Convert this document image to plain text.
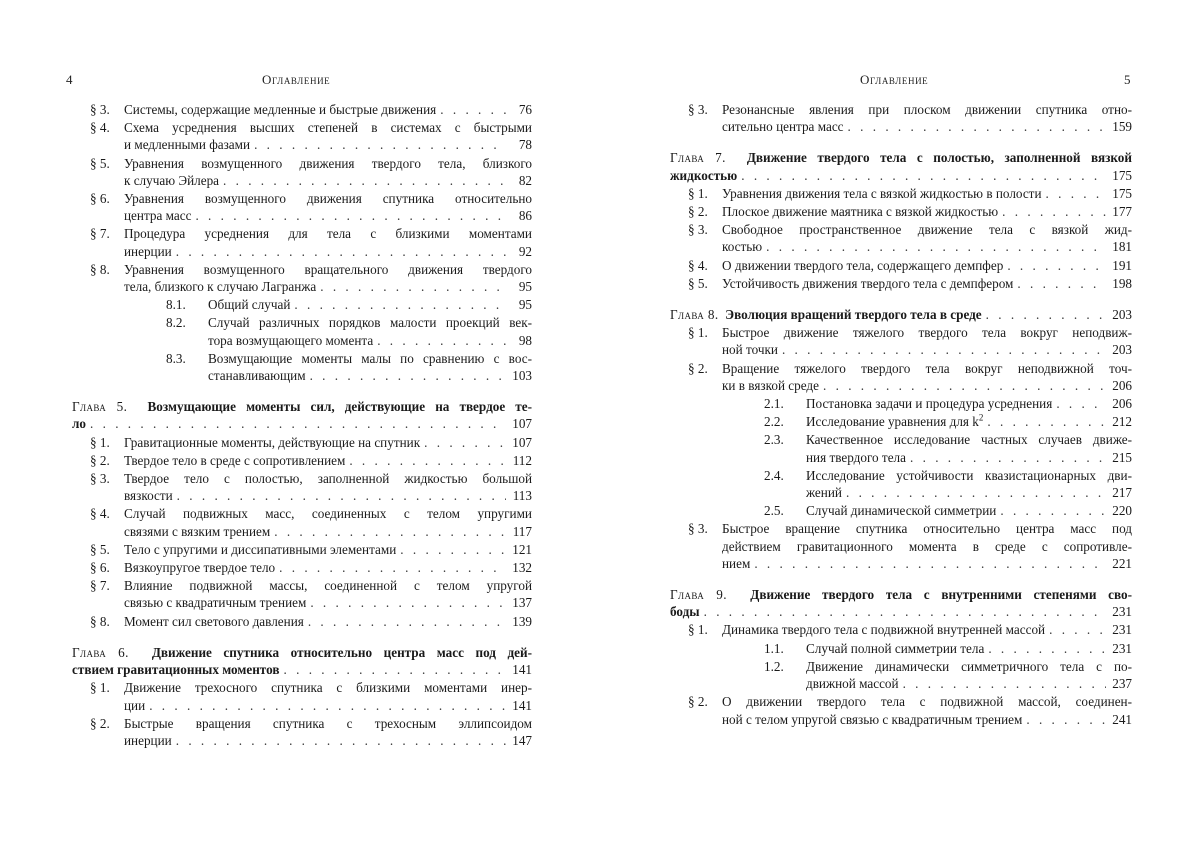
4	Оглавление
§ 3.	Системы, содержащие медленные и быстрые движения . . .	76
§ 4.	Схема усреднения высших степеней в системах с быстрыми
и медленными фазами . . .	78
§ 5.	Уравнения возмущенного движения твердого тела, близкого
к случаю Эйлера . . .	82
§ 6.	Уравнения возмущенного движения спутника относительно
центра масс . . .	86
§ 7.	Процедура усреднения для тела с близкими моментами
инерции . . .	92
§ 8.	Уравнения возмущенного вращательного движения твердого
тела, близкого к случаю Лагранжа . . .	95
8.1.	Общий случай . . .	95
8.2.	Случай различных порядков малости проекций век-
тора возмущающего момента . . .	98
8.3.	Возмущающие моменты малы по сравнению с вос-
станавливающим . . .	103
Глава 5. Возмущающие моменты сил, действующие на твердое те-
ло . . .	107
§ 1.	Гравитационные моменты, действующие на спутник . . .	107
§ 2.	Твердое тело в среде с сопротивлением . . .	112
§ 3.	Твердое тело с полостью, заполненной жидкостью большой
вязкости . . .	113
§ 4.	Случай подвижных масс, соединенных с телом упругими
связями с вязким трением . . .	117
§ 5.	Тело с упругими и диссипативными элементами . . .	121
§ 6.	Вязкоупругое твердое тело . . .	132
§ 7.	Влияние подвижной массы, соединенной с телом упругой
связью с квадратичным трением . . .	137
§ 8.	Момент сил светового давления . . .	139
Глава 6. Движение спутника относительно центра масс под дей-
ствием гравитационных моментов . . .	141
§ 1.	Движение трехосного спутника с близкими моментами инер-
ции . . .	141
§ 2.	Быстрые вращения спутника с трехосным эллипсоидом
инерции . . .	147
Оглавление	5
§ 3.	Резонансные явления при плоском движении спутника отно-
сительно центра масс . . .	159
Глава 7. Движение твердого тела с полостью, заполненной вязкой
жидкостью . . .	175
§ 1.	Уравнения движения тела с вязкой жидкостью в полости . . .	175
§ 2.	Плоское движение маятника с вязкой жидкостью . . .	177
§ 3.	Свободное пространственное движение тела с вязкой жид-
костью . . .	181
§ 4.	О движении твердого тела, содержащего демпфер . . .	191
§ 5.	Устойчивость движения твердого тела с демпфером . . .	198
Глава 8. Эволюция вращений твердого тела в среде . . .	203
§ 1.	Быстрое движение тяжелого твердого тела вокруг неподвиж-
ной точки . . .	203
§ 2.	Вращение тяжелого твердого тела вокруг неподвижной точ-
ки в вязкой среде . . .	206
2.1.	Постановка задачи и процедура усреднения . . .	206
2.2.	Исследование уравнения для $k^2$ . . .	212
2.3.	Качественное исследование частных случаев движе-
ния твердого тела . . .	215
2.4.	Исследование устойчивости квазистационарных дви-
жений . . .	217
2.5.	Случай динамической симметрии . . .	220
§ 3.	Быстрое вращение спутника относительно центра масс под
действием гравитационного момента в среде с сопротивле-
нием . . .	221
Глава 9. Движение твердого тела с внутренними степенями сво-
боды . . .	231
§ 1.	Динамика твердого тела с подвижной внутренней массой . . .	231
1.1.	Случай полной симметрии тела . . .	231
1.2.	Движение динамически симметричного тела с по-
движной массой . . .	237
§ 2.	О движении твердого тела с подвижной массой, соединен-
ной с телом упругой связью с квадратичным трением . . .	241
